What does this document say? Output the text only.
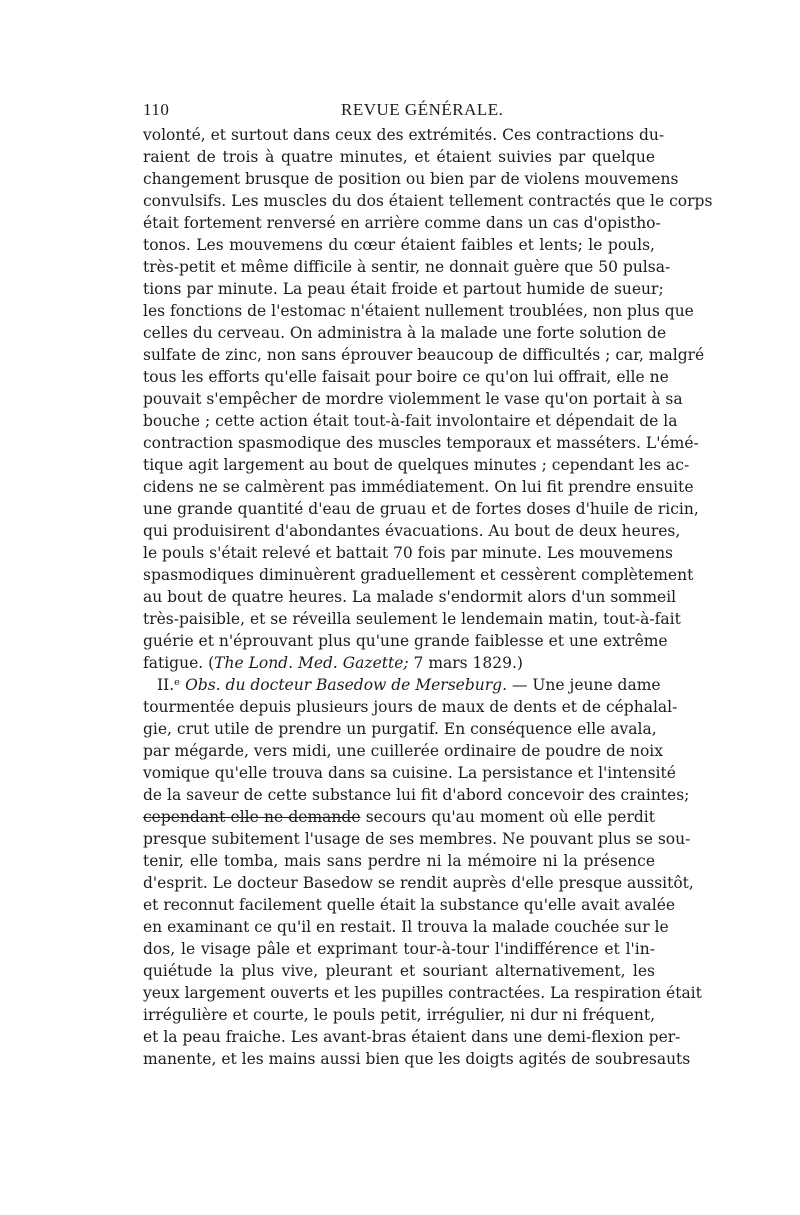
110	REVUE GÉNÉRALE.
volonté, et surtout dans ceux des extrémités. Ces contractions du-
raient de trois à quatre minutes, et étaient suivies par quelque
changement brusque de position ou bien par de violens mouvemens
convulsifs. Les muscles du dos étaient tellement contractés que le corps
était fortement renversé en arrière comme dans un cas d'opistho-
tonos. Les mouvemens du cœur étaient faibles et lents; le pouls,
très-petit et même difficile à sentir, ne donnait guère que 50 pulsa-
tions par minute. La peau était froide et partout humide de sueur;
les fonctions de l'estomac n'étaient nullement troublées, non plus que
celles du cerveau. On administra à la malade une forte solution de
sulfate de zinc, non sans éprouver beaucoup de difficultés ; car, malgré
tous les efforts qu'elle faisait pour boire ce qu'on lui offrait, elle ne
pouvait s'empêcher de mordre violemment le vase qu'on portait à sa
bouche ; cette action était tout-à-fait involontaire et dépendait de la
contraction spasmodique des muscles temporaux et masséters. L'émé-
tique agit largement au bout de quelques minutes ; cependant les ac-
cidens ne se calmèrent pas immédiatement. On lui fit prendre ensuite
une grande quantité d'eau de gruau et de fortes doses d'huile de ricin,
qui produisirent d'abondantes évacuations. Au bout de deux heures,
le pouls s'était relevé et battait 70 fois par minute. Les mouvemens
spasmodiques diminuèrent graduellement et cessèrent complètement
au bout de quatre heures. La malade s'endormit alors d'un sommeil
très-paisible, et se réveilla seulement le lendemain matin, tout-à-fait
guérie et n'éprouvant plus qu'une grande faiblesse et une extrême
fatigue. (The Lond. Med. Gazette; 7 mars 1829.)
II.ᵉ Obs. du docteur Basedow de Merseburg. — Une jeune dame
tourmentée depuis plusieurs jours de maux de dents et de céphalal-
gie, crut utile de prendre un purgatif. En conséquence elle avala,
par mégarde, vers midi, une cuillerée ordinaire de poudre de noix
vomique qu'elle trouva dans sa cuisine. La persistance et l'intensité
de la saveur de cette substance lui fit d'abord concevoir des craintes;
cependant elle ne demande secours qu'au moment où elle perdit
presque subitement l'usage de ses membres. Ne pouvant plus se sou-
tenir, elle tomba, mais sans perdre ni la mémoire ni la présence
d'esprit. Le docteur Basedow se rendit auprès d'elle presque aussitôt,
et reconnut facilement quelle était la substance qu'elle avait avalée
en examinant ce qu'il en restait. Il trouva la malade couchée sur le
dos, le visage pâle et exprimant tour-à-tour l'indifférence et l'in-
quiétude la plus vive, pleurant et souriant alternativement, les
yeux largement ouverts et les pupilles contractées. La respiration était
irrégulière et courte, le pouls petit, irrégulier, ni dur ni fréquent,
et la peau fraiche. Les avant-bras étaient dans une demi-flexion per-
manente, et les mains aussi bien que les doigts agités de soubresauts
